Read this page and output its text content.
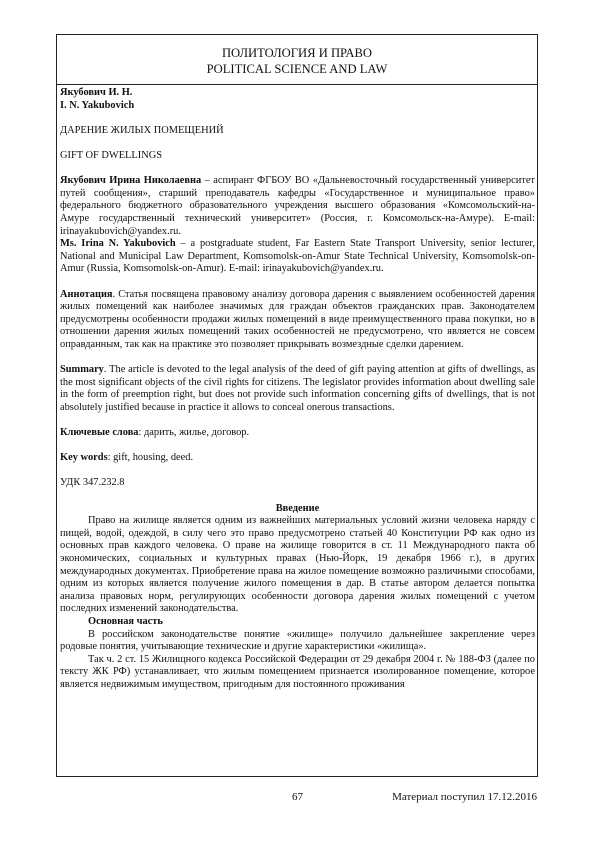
ПОЛИТОЛОГИЯ И ПРАВО
POLITICAL SCIENCE AND LAW

Якубович И. Н.

I. N. Yakubovich

ДАРЕНИЕ ЖИЛЫХ ПОМЕЩЕНИЙ

GIFT OF DWELLINGS

Якубович Ирина Николаевна – аспирант ФГБОУ ВО «Дальневосточный государственный университет путей сообщения», старший преподаватель кафедры «Государственное и муниципальное право» федерального бюджетного образовательного учреждения высшего образования «Комсомольский-на-Амуре государственный технический университет» (Россия, г. Комсомольск-на-Амуре). E-mail: irinayakubovich@yandex.ru.

Ms. Irina N. Yakubovich – a postgraduate student, Far Eastern State Transport University, senior lecturer, National and Municipal Law Department, Komsomolsk-on-Amur State Technical University, Komsomolsk-on-Amur (Russia, Komsomolsk-on-Amur). E-mail: irinayakubovich@yandex.ru.

Аннотация. Статья посвящена правовому анализу договора дарения с выявлением особенностей дарения жилых помещений как наиболее значимых для граждан объектов гражданских прав. Законодателем предусмотрены особенности продажи жилых помещений в виде преимущественного права покупки, но в отношении дарения жилых помещений таких особенностей не предусмотрено, что является не совсем оправданным, так как на практике это позволяет прикрывать возмездные сделки дарением.

Summary. The article is devoted to the legal analysis of the deed of gift paying attention at gifts of dwellings, as the most significant objects of the civil rights for citizens. The legislator provides information about dwelling sale in the form of preemption right, but does not provide such information concerning gifts of dwellings, that is not absolutely justified because in practice it allows to conceal onerous transactions.

Ключевые слова: дарить, жилье, договор.

Key words: gift, housing, deed.

УДК 347.232.8

Введение

Право на жилище является одним из важнейших материальных условий жизни человека наряду с пищей, водой, одеждой, в силу чего это право предусмотрено статьей 40 Конституции РФ как одно из основных прав каждого человека. О праве на жилище говорится в ст. 11 Международного пакта об экономических, социальных и культурных правах (Нью-Йорк, 19 декабря 1966 г.), в других международных документах. Приобретение права на жилое помещение возможно различными способами, одним из которых является получение жилого помещения в дар. В статье автором делается попытка анализа правовых норм, регулирующих особенности договора дарения жилых помещений с учетом последних изменений законодательства.

Основная часть

В российском законодательстве понятие «жилище» получило дальнейшее закрепление через родовые понятия, учитывающие технические и другие характеристики «жилища».

Так ч. 2 ст. 15 Жилищного кодекса Российской Федерации от 29 декабря 2004 г. № 188-ФЗ (далее по тексту ЖК РФ) устанавливает, что жилым помещением признается изолированное помещение, которое является недвижимым имуществом, пригодным для постоянного проживания

67	Материал поступил 17.12.2016
